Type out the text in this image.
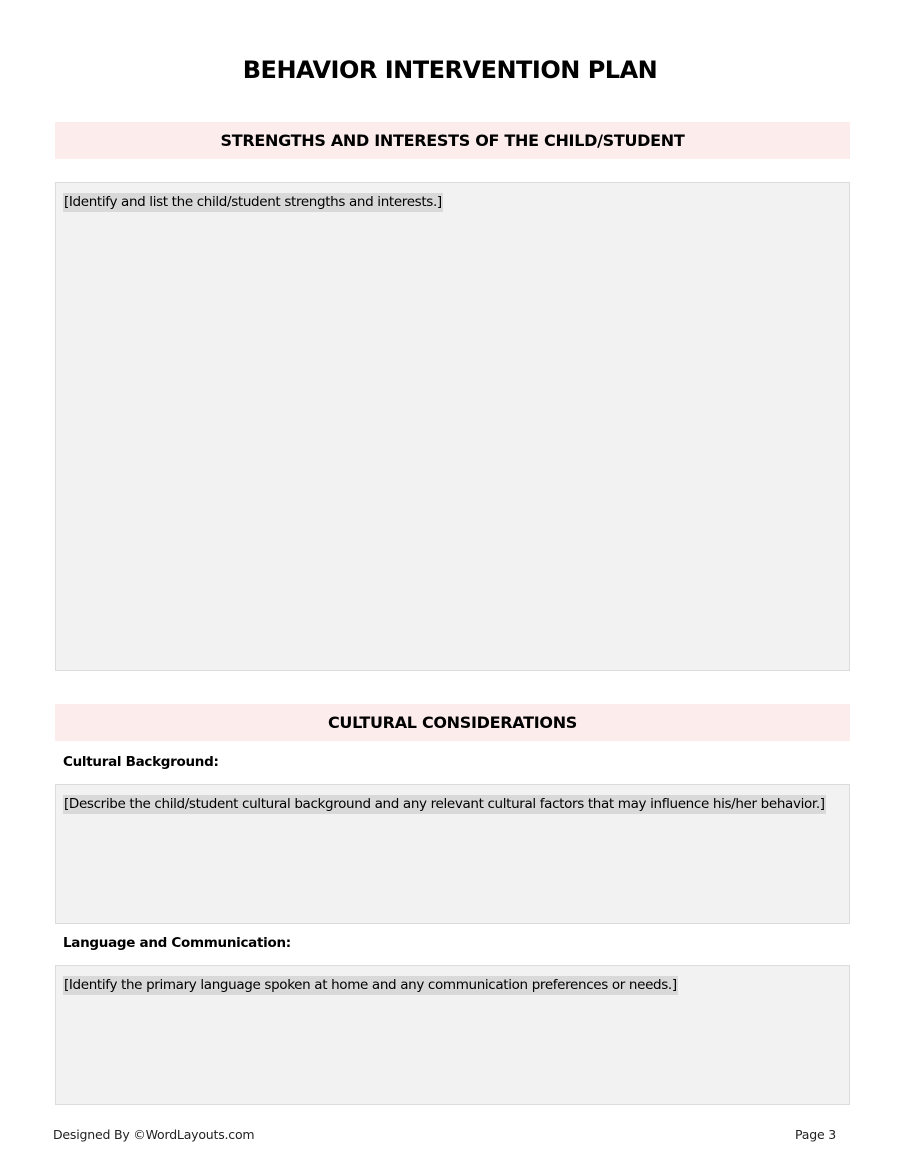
BEHAVIOR INTERVENTION PLAN
STRENGTHS AND INTERESTS OF THE CHILD/STUDENT
[Identify and list the child/student strengths and interests.]
CULTURAL CONSIDERATIONS
Cultural Background:
[Describe the child/student cultural background and any relevant cultural factors that may influence his/her behavior.]
Language and Communication:
[Identify the primary language spoken at home and any communication preferences or needs.]
Designed By ©WordLayouts.com	Page 3
